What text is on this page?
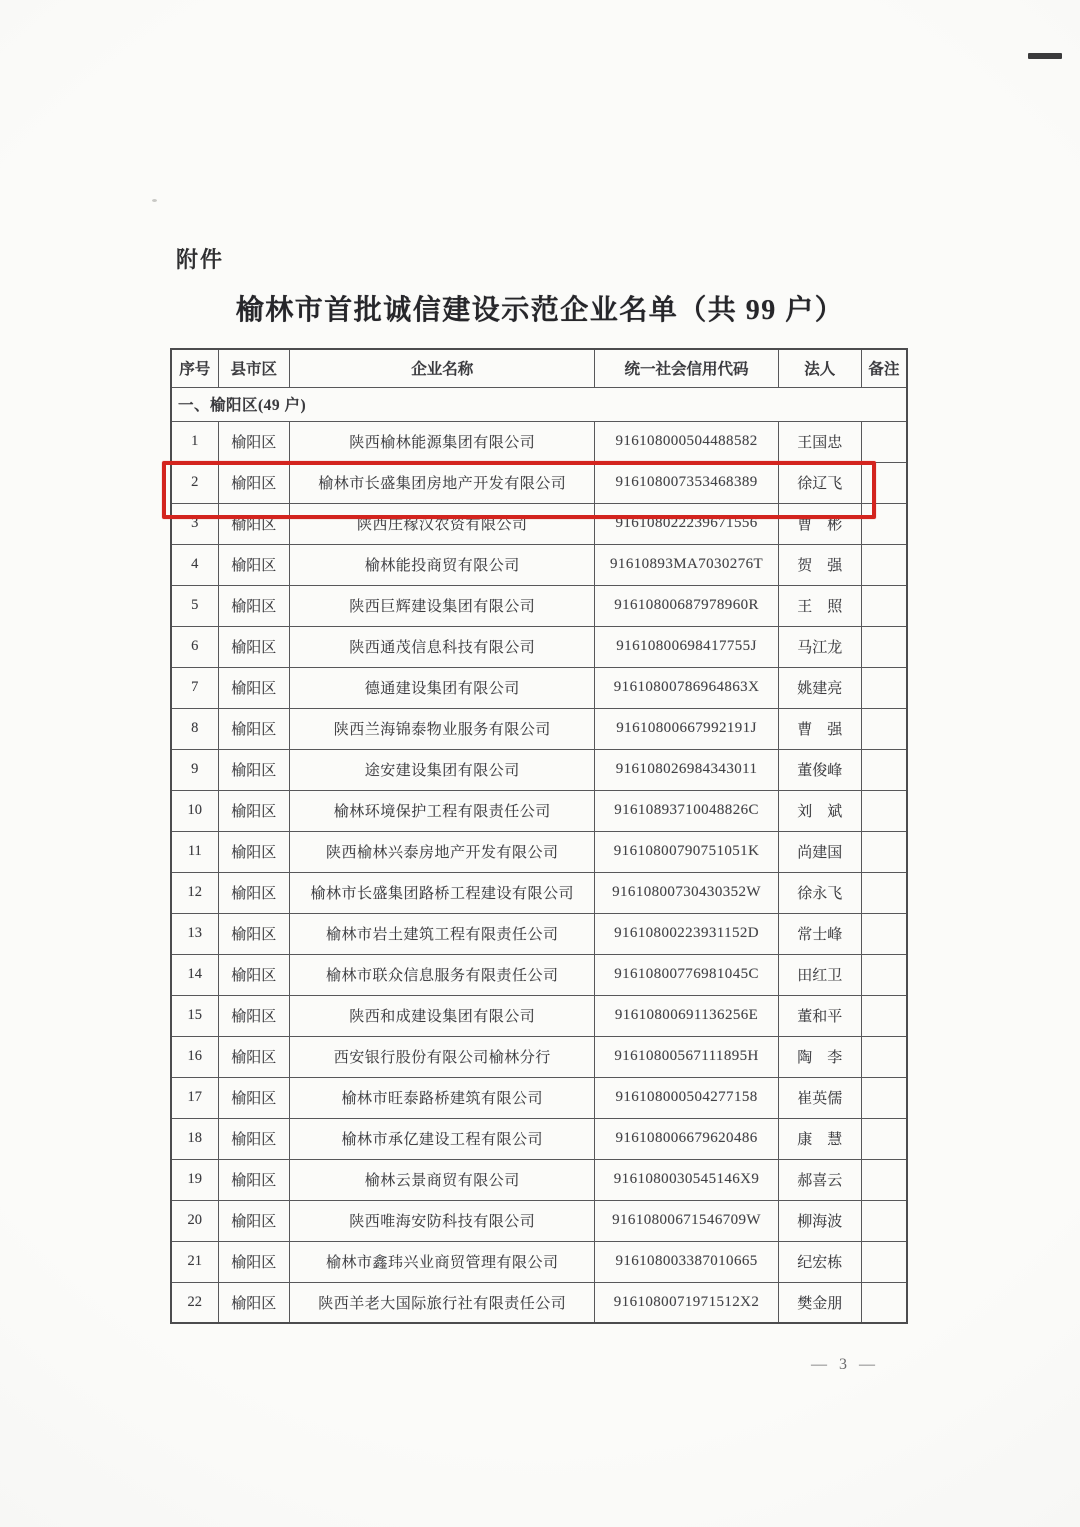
附件
榆林市首批诚信建设示范企业名单（共 99 户）
序号	县市区	企业名称	统一社会信用代码	法人	备注
一、榆阳区(49 户)					
1	榆阳区	陕西榆林能源集团有限公司	916108000504488582	王国忠	
2	榆阳区	榆林市长盛集团房地产开发有限公司	916108007353468389	徐辽飞	
3	榆阳区	陕西庄稼汉农资有限公司	916108022239671556	曹　彬	
4	榆阳区	榆林能投商贸有限公司	91610893MA7030276T	贺　强	
5	榆阳区	陕西巨辉建设集团有限公司	91610800687978960R	王　照	
6	榆阳区	陕西通茂信息科技有限公司	91610800698417755J	马江龙	
7	榆阳区	德通建设集团有限公司	91610800786964863X	姚建亮	
8	榆阳区	陕西兰海锦泰物业服务有限公司	91610800667992191J	曹　强	
9	榆阳区	途安建设集团有限公司	916108026984343011	董俊峰	
10	榆阳区	榆林环境保护工程有限责任公司	91610893710048826C	刘　斌	
11	榆阳区	陕西榆林兴泰房地产开发有限公司	91610800790751051K	尚建国	
12	榆阳区	榆林市长盛集团路桥工程建设有限公司	91610800730430352W	徐永飞	
13	榆阳区	榆林市岩土建筑工程有限责任公司	91610800223931152D	常士峰	
14	榆阳区	榆林市联众信息服务有限责任公司	91610800776981045C	田红卫	
15	榆阳区	陕西和成建设集团有限公司	91610800691136256E	董和平	
16	榆阳区	西安银行股份有限公司榆林分行	91610800567111895H	陶　李	
17	榆阳区	榆林市旺泰路桥建筑有限公司	916108000504277158	崔英儒	
18	榆阳区	榆林市承亿建设工程有限公司	916108006679620486	康　慧	
19	榆阳区	榆林云景商贸有限公司	9161080030545146X9	郝喜云	
20	榆阳区	陕西唯海安防科技有限公司	91610800671546709W	柳海波	
21	榆阳区	榆林市鑫玮兴业商贸管理有限公司	916108003387010665	纪宏栋	
22	榆阳区	陕西羊老大国际旅行社有限责任公司	9161080071971512X2	樊金朋	
— 3 —
